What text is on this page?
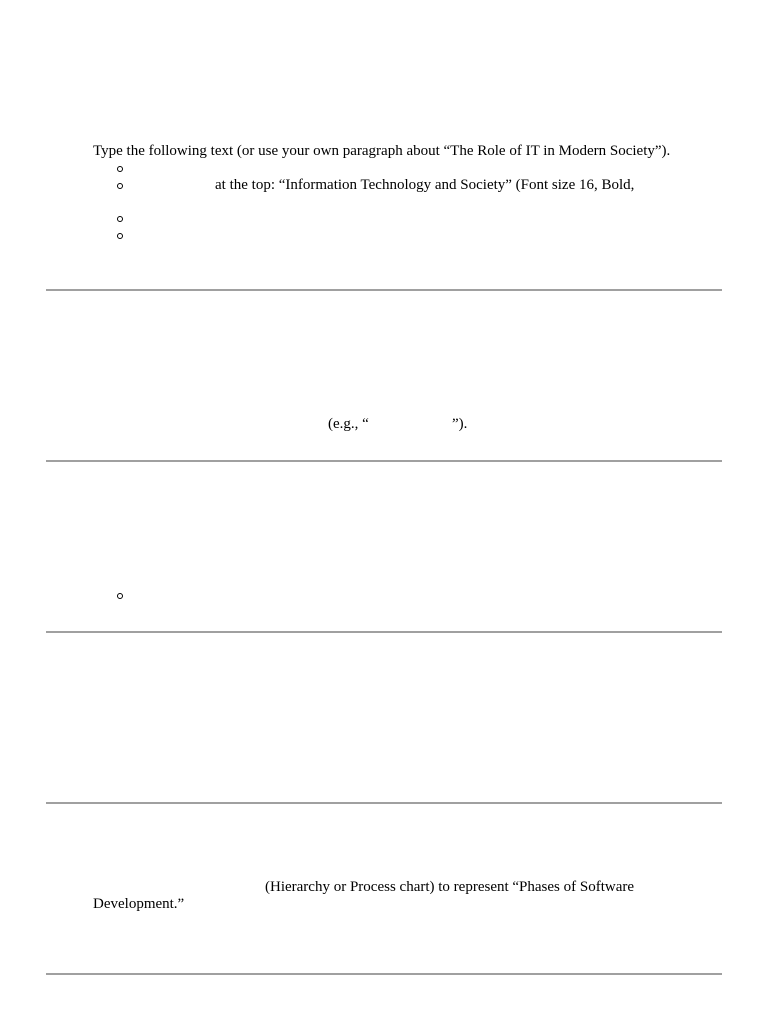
Type the following text (or use your own paragraph about “The Role of IT in Modern Society”).
at the top: “Information Technology and Society” (Font size 16, Bold,
(e.g., “	”).
(Hierarchy or Process chart) to represent “Phases of Software
Development.”
